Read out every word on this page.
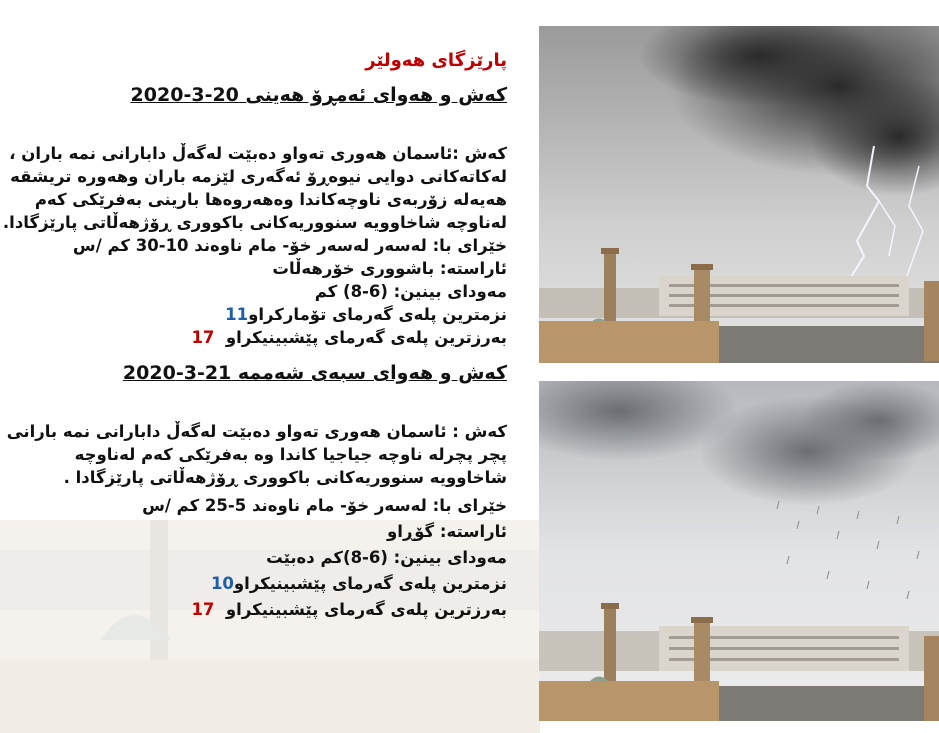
پارێزگای هەولێر
کەش و هەوای ئەمڕۆ هەینی 20-3-2020
کەش :ئاسمان هەوری تەواو دەبێت لەگەڵ دابارانی نمە باران ،
لەکاتەکانی دوایی نیوەڕۆ ئەگەری لێزمە باران وهەوره تریشقە
هەیەلە زۆربەی ناوچەکاندا وەهەروەها بارینی بەفرێکی کەم
لەناوچە شاخاوویە سنووریەکانی باکووری ڕۆژهەڵاتی پارێزگادا.
خێرای با: لەسەر لەسەر خۆ- مام ناوەند 10-30 کم /س
ئاراستە: باشووری خۆرهەڵات
مەودای بینین: (6-8) کم
نزمترین پلەی گەرمای تۆمارکراو11
بەرزترین پلەی گەرمای پێشبینیکراو  17
کەش و هەوای سبەی شەممە 21-3-2020
کەش : ئاسمان هەوری تەواو دەبێت لەگەڵ دابارانی نمە بارانی
پچر پچرلە ناوچە جیاجیا کاندا وە بەفرێکی کەم لەناوچە
شاخاوویە سنووریەکانی باکووری ڕۆژهەڵاتی پارێزگادا .
خێرای با: لەسەر خۆ- مام ناوەند 5-25 کم /س
ئاراستە: گۆڕاو
مەودای بینین: (6-8)کم دەبێت
نزمترین پلەی گەرمای پێشبینیکراو10
بەرزترین پلەی گەرمای پێشبینیکراو  17
